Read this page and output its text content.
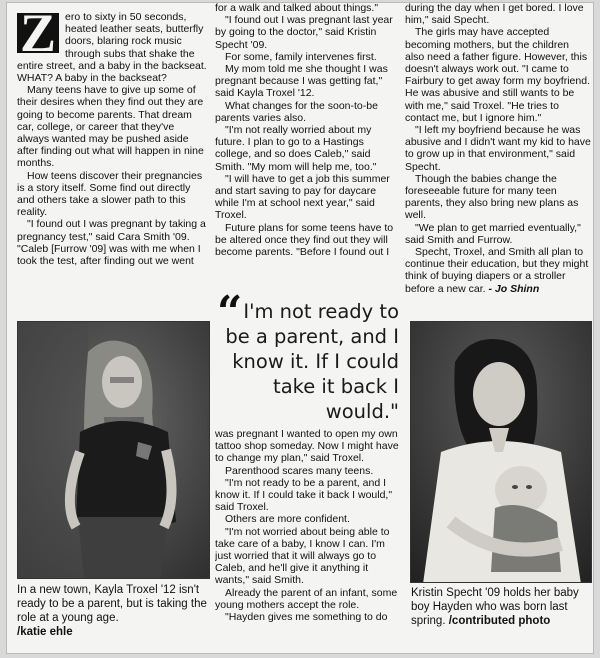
Z ero to sixty in 50 seconds, heated leather seats, butterfly doors, blaring rock music through subs that shake the entire street, and a baby in the backseat. WHAT? A baby in the backseat?

Many teens have to give up some of their desires when they find out they are going to become parents. That dream car, college, or career that they've always wanted may be pushed aside after finding out what will happen in nine months.

How teens discover their pregnancies is a story itself. Some find out directly and others take a slower path to this reality.

"I found out I was pregnant by taking a pregnancy test," said Cara Smith '09. "Caleb [Furrow '09] was with me when I took the test, after finding out we went

for a walk and talked about things."

"I found out I was pregnant last year by going to the doctor," said Kristin Specht '09.

For some, family intervenes first.

My mom told me she thought I was pregnant because I was getting fat," said Kayla Troxel '12.

What changes for the soon-to-be parents varies also.

"I'm not really worried about my future. I plan to go to a Hastings college, and so does Caleb," said Smith. "My mom will help me, too."

"I will have to get a job this summer and start saving to pay for daycare while I'm at school next year," said Troxel.

Future plans for some teens have to be altered once they find out they will become parents. "Before I found out I

“ I'm not ready to be a parent, and I know it. If I could take it back I would."

was pregnant I wanted to open my own tattoo shop someday. Now I might have to change my plan," said Troxel.

Parenthood scares many teens.

"I'm not ready to be a parent, and I know it. If I could take it back I would," said Troxel.

Others are more confident.

"I'm not worried about being able to take care of a baby, I know I can. I'm just worried that it will always go to Caleb, and he'll give it anything it wants," said Smith.

Already the parent of an infant, some young mothers accept the role.

"Hayden gives me something to do

during the day when I get bored. I love him," said Specht.

The girls may have accepted becoming mothers, but the children also need a father figure. However, this doesn't always work out. "I came to Fairbury to get away form my boyfriend. He was abusive and still wants to be with me," said Troxel. "He tries to contact me, but I ignore him."

"I left my boyfriend because he was abusive and I didn't want my kid to have to grow up in that environment," said Specht.

Though the babies change the foreseeable future for many teen parents, they also bring new plans as well.

"We plan to get married eventually," said Smith and Furrow.

Specht, Troxel, and Smith all plan to continue their education, but they might think of buying diapers or a stroller before a new car. - Jo Shinn

In a new town, Kayla Troxel '12 isn't ready to be a parent, but is taking the role at a young age.
/katie ehle
Kristin Specht '09 holds her baby boy Hayden who was born last spring. /contributed photo
